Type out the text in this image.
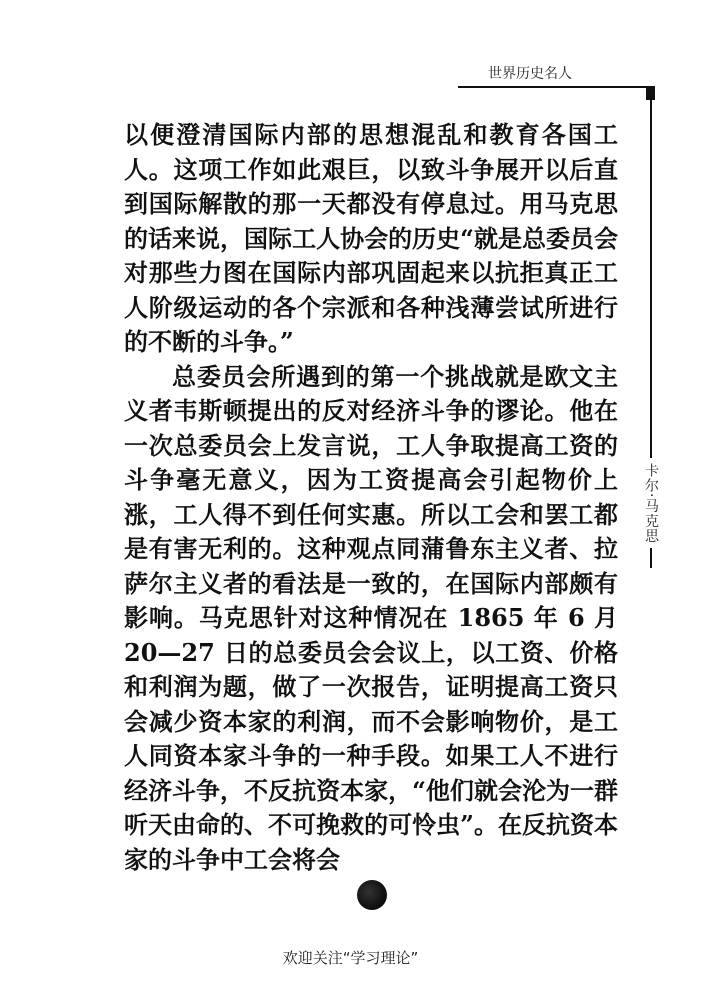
世界历史名人
卡尔·马克思

以便澄清国际内部的思想混乱和教育各国工人。这项工作如此艰巨，以致斗争展开以后直到国际解散的那一天都没有停息过。用马克思的话来说，国际工人协会的历史“就是总委员会对那些力图在国际内部巩固起来以抗拒真正工人阶级运动的各个宗派和各种浅薄尝试所进行的不断的斗争。”

总委员会所遇到的第一个挑战就是欧文主义者韦斯顿提出的反对经济斗争的谬论。他在一次总委员会上发言说，工人争取提高工资的斗争毫无意义，因为工资提高会引起物价上涨，工人得不到任何实惠。所以工会和罢工都是有害无利的。这种观点同蒲鲁东主义者、拉萨尔主义者的看法是一致的，在国际内部颇有影响。马克思针对这种情况在 1865 年 6 月 20—27 日的总委员会会议上，以工资、价格和利润为题，做了一次报告，证明提高工资只会减少资本家的利润，而不会影响物价，是工人同资本家斗争的一种手段。如果工人不进行经济斗争，不反抗资本家，“他们就会沦为一群听天由命的、不可挽救的可怜虫”。在反抗资本家的斗争中工会将会

欢迎关注“学习理论”
